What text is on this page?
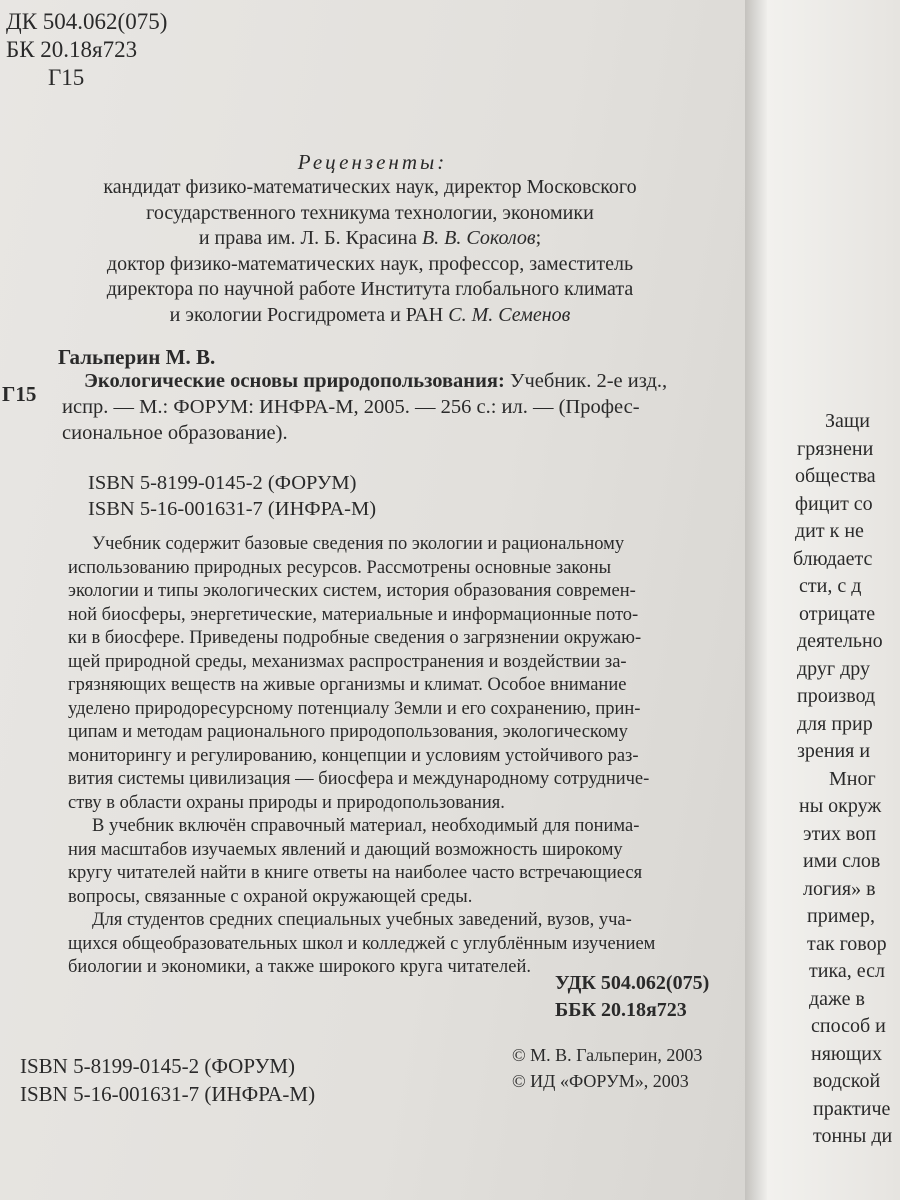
ДК 504.062(075)
БК 20.18я723
Г15
Рецензенты:
кандидат физико-математических наук, директор Московского
государственного техникума технологии, экономики
и права им. Л. Б. Красина В. В. Соколов;
доктор физико-математических наук, профессор, заместитель
директора по научной работе Института глобального климата
и экологии Росгидромета и РАН С. М. Семенов
Гальперин М. В.
Г15
Экологические основы природопользования: Учебник. 2-е изд.,
испр. — М.: ФОРУМ: ИНФРА-М, 2005. — 256 с.: ил. — (Профес-
сиональное образование).
ISBN 5-8199-0145-2 (ФОРУМ)
ISBN 5-16-001631-7 (ИНФРА-М)
Учебник содержит базовые сведения по экологии и рациональному
использованию природных ресурсов. Рассмотрены основные законы
экологии и типы экологических систем, история образования современ-
ной биосферы, энергетические, материальные и информационные пото-
ки в биосфере. Приведены подробные сведения о загрязнении окружаю-
щей природной среды, механизмах распространения и воздействии за-
грязняющих веществ на живые организмы и климат. Особое внимание
уделено природоресурсному потенциалу Земли и его сохранению, прин-
ципам и методам рационального природопользования, экологическому
мониторингу и регулированию, концепции и условиям устойчивого раз-
вития системы цивилизация — биосфера и международному сотрудниче-
ству в области охраны природы и природопользования.
В учебник включён справочный материал, необходимый для понима-
ния масштабов изучаемых явлений и дающий возможность широкому
кругу читателей найти в книге ответы на наиболее часто встречающиеся
вопросы, связанные с охраной окружающей среды.
Для студентов средних специальных учебных заведений, вузов, уча-
щихся общеобразовательных школ и колледжей с углублённым изучением
биологии и экономики, а также широкого круга читателей.
УДК 504.062(075)
ББК 20.18я723
ISBN 5-8199-0145-2 (ФОРУМ)
ISBN 5-16-001631-7 (ИНФРА-М)
© М. В. Гальперин, 2003
© ИД «ФОРУМ», 2003
Защи
грязнени
общества
фицит со
дит к не
блюдаетс
сти, с д
отрицате
деятельно
друг дру
производ
для прир
зрения и
Мног
ны окруж
этих воп
ими слов
логия» в
пример,
так говор
тика, есл
даже в
способ и
няющих
водской
практиче
тонны ди
